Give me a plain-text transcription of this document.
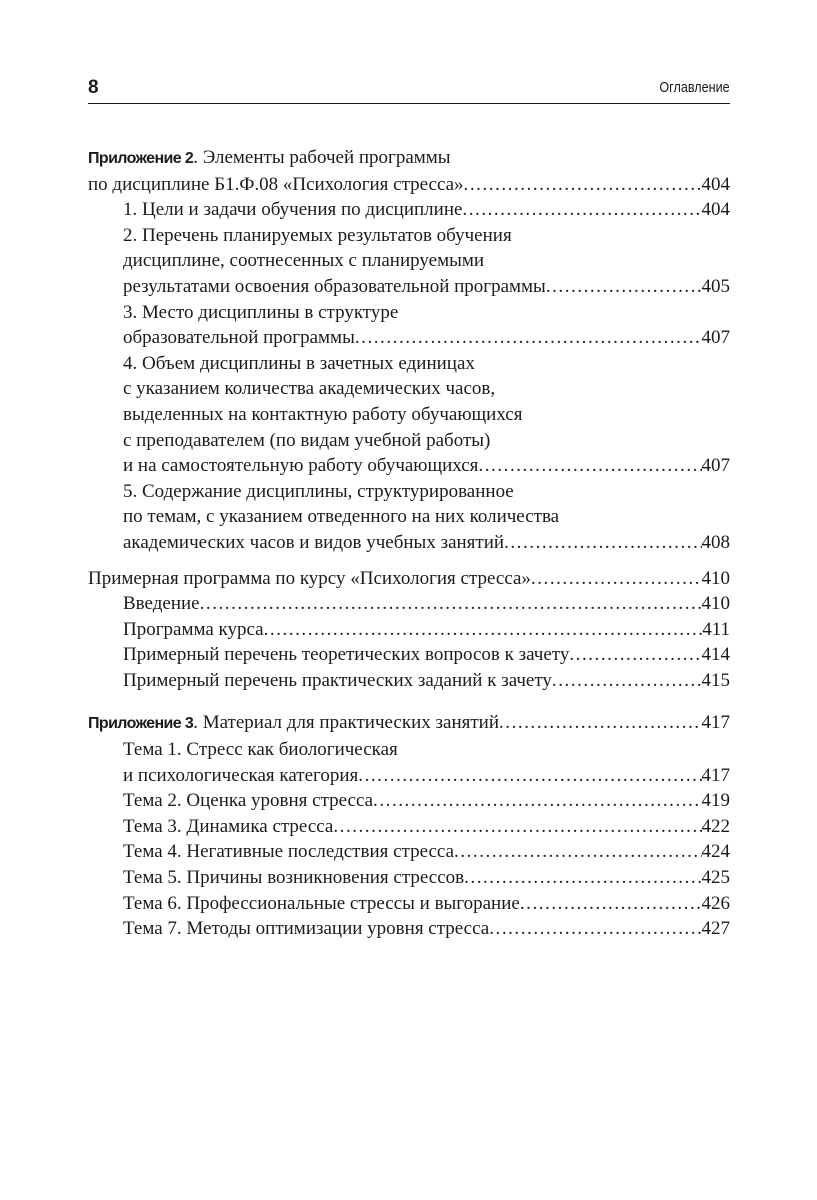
8	Оглавление
Приложение 2. Элементы рабочей программы
по дисциплине Б1.Ф.08 «Психология стресса» . . .	404
1. Цели и задачи обучения по дисциплине . . .	404
2. Перечень планируемых результатов обучения
дисциплине, соотнесенных с планируемыми
результатами освоения образовательной программы . . .	405
3. Место дисциплины в структуре
образовательной программы . . .	407
4. Объем дисциплины в зачетных единицах
с указанием количества академических часов,
выделенных на контактную работу обучающихся
с преподавателем (по видам учебной работы)
и на самостоятельную работу обучающихся . . .	407
5. Содержание дисциплины, структурированное
по темам, с указанием отведенного на них количества
академических часов и видов учебных занятий . . .	408
Примерная программа по курсу «Психология стресса» . . .	410
Введение . . .	410
Программа курса . . .	411
Примерный перечень теоретических вопросов к зачету . . .	414
Примерный перечень практических заданий к зачету . . .	415
Приложение 3. Материал для практических занятий . . .	417
Тема 1. Стресс как биологическая
и психологическая категория . . .	417
Тема 2. Оценка уровня стресса . . .	419
Тема 3. Динамика стресса . . .	422
Тема 4. Негативные последствия стресса . . .	424
Тема 5. Причины возникновения стрессов . . .	425
Тема 6. Профессиональные стрессы и выгорание . . .	426
Тема 7. Методы оптимизации уровня стресса . . .	427
